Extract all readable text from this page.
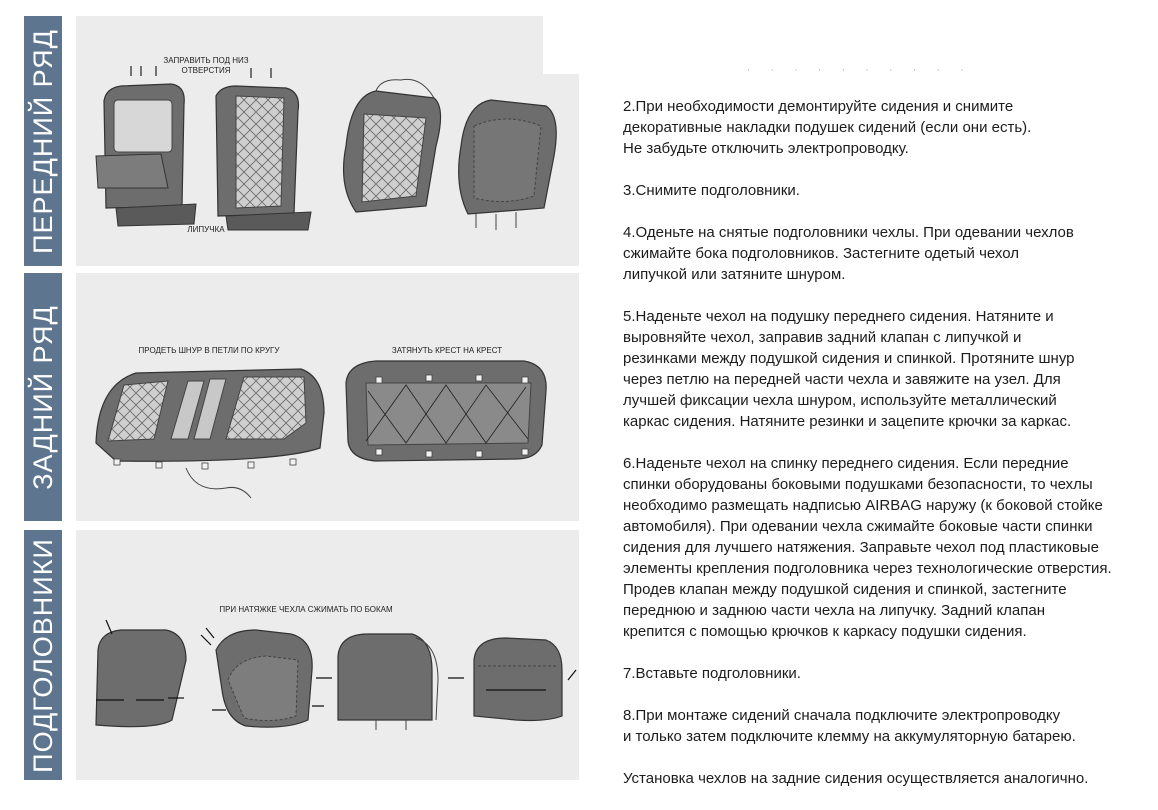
ПЕРЕДНИЙ РЯД
ЗАДНИЙ РЯД
ПОДГОЛОВНИКИ
ЗАПРАВИТЬ ПОД НИЗ
ОТВЕРСТИЯ
ЛИПУЧКА
· · · · · · · · · ·
ПРОДЕТЬ ШНУР В ПЕТЛИ ПО КРУГУ	ЗАТЯНУТЬ КРЕСТ НА КРЕСТ
ПРИ НАТЯЖКЕ ЧЕХЛА СЖИМАТЬ ПО БОКАМ

2.При необходимости демонтируйте сидения и снимите
декоративные накладки подушек сидений (если они есть).
Не забудьте отключить электропроводку.

3.Снимите подголовники.

4.Оденьте на снятые подголовники чехлы. При одевании чехлов
сжимайте бока подголовников. Застегните одетый чехол
липучкой или затяните шнуром.

5.Наденьте чехол на подушку переднего сидения. Натяните и
выровняйте чехол, заправив задний клапан с липучкой и
резинками между подушкой сидения и спинкой. Протяните шнур
через петлю на передней части чехла и завяжите на узел. Для
лучшей фиксации чехла шнуром, используйте металлический
каркас сидения. Натяните резинки и зацепите крючки за каркас.

6.Наденьте чехол на спинку переднего сидения. Если передние
спинки оборудованы боковыми подушками безопасности, то чехлы
необходимо размещать надписью AIRBAG наружу (к боковой стойке
автомобиля). При одевании чехла сжимайте боковые части спинки
сидения для лучшего натяжения. Заправьте чехол под пластиковые
элементы крепления подголовника через технологические отверстия.
Продев клапан между подушкой сидения и спинкой, застегните
переднюю и заднюю части чехла на липучку. Задний клапан
крепится с помощью крючков к каркасу подушки сидения.

7.Вставьте подголовники.

8.При монтаже сидений сначала подключите электропроводку
и только затем подключите клемму на аккумуляторную батарею.

Установка чехлов на задние сидения осуществляется аналогично.
